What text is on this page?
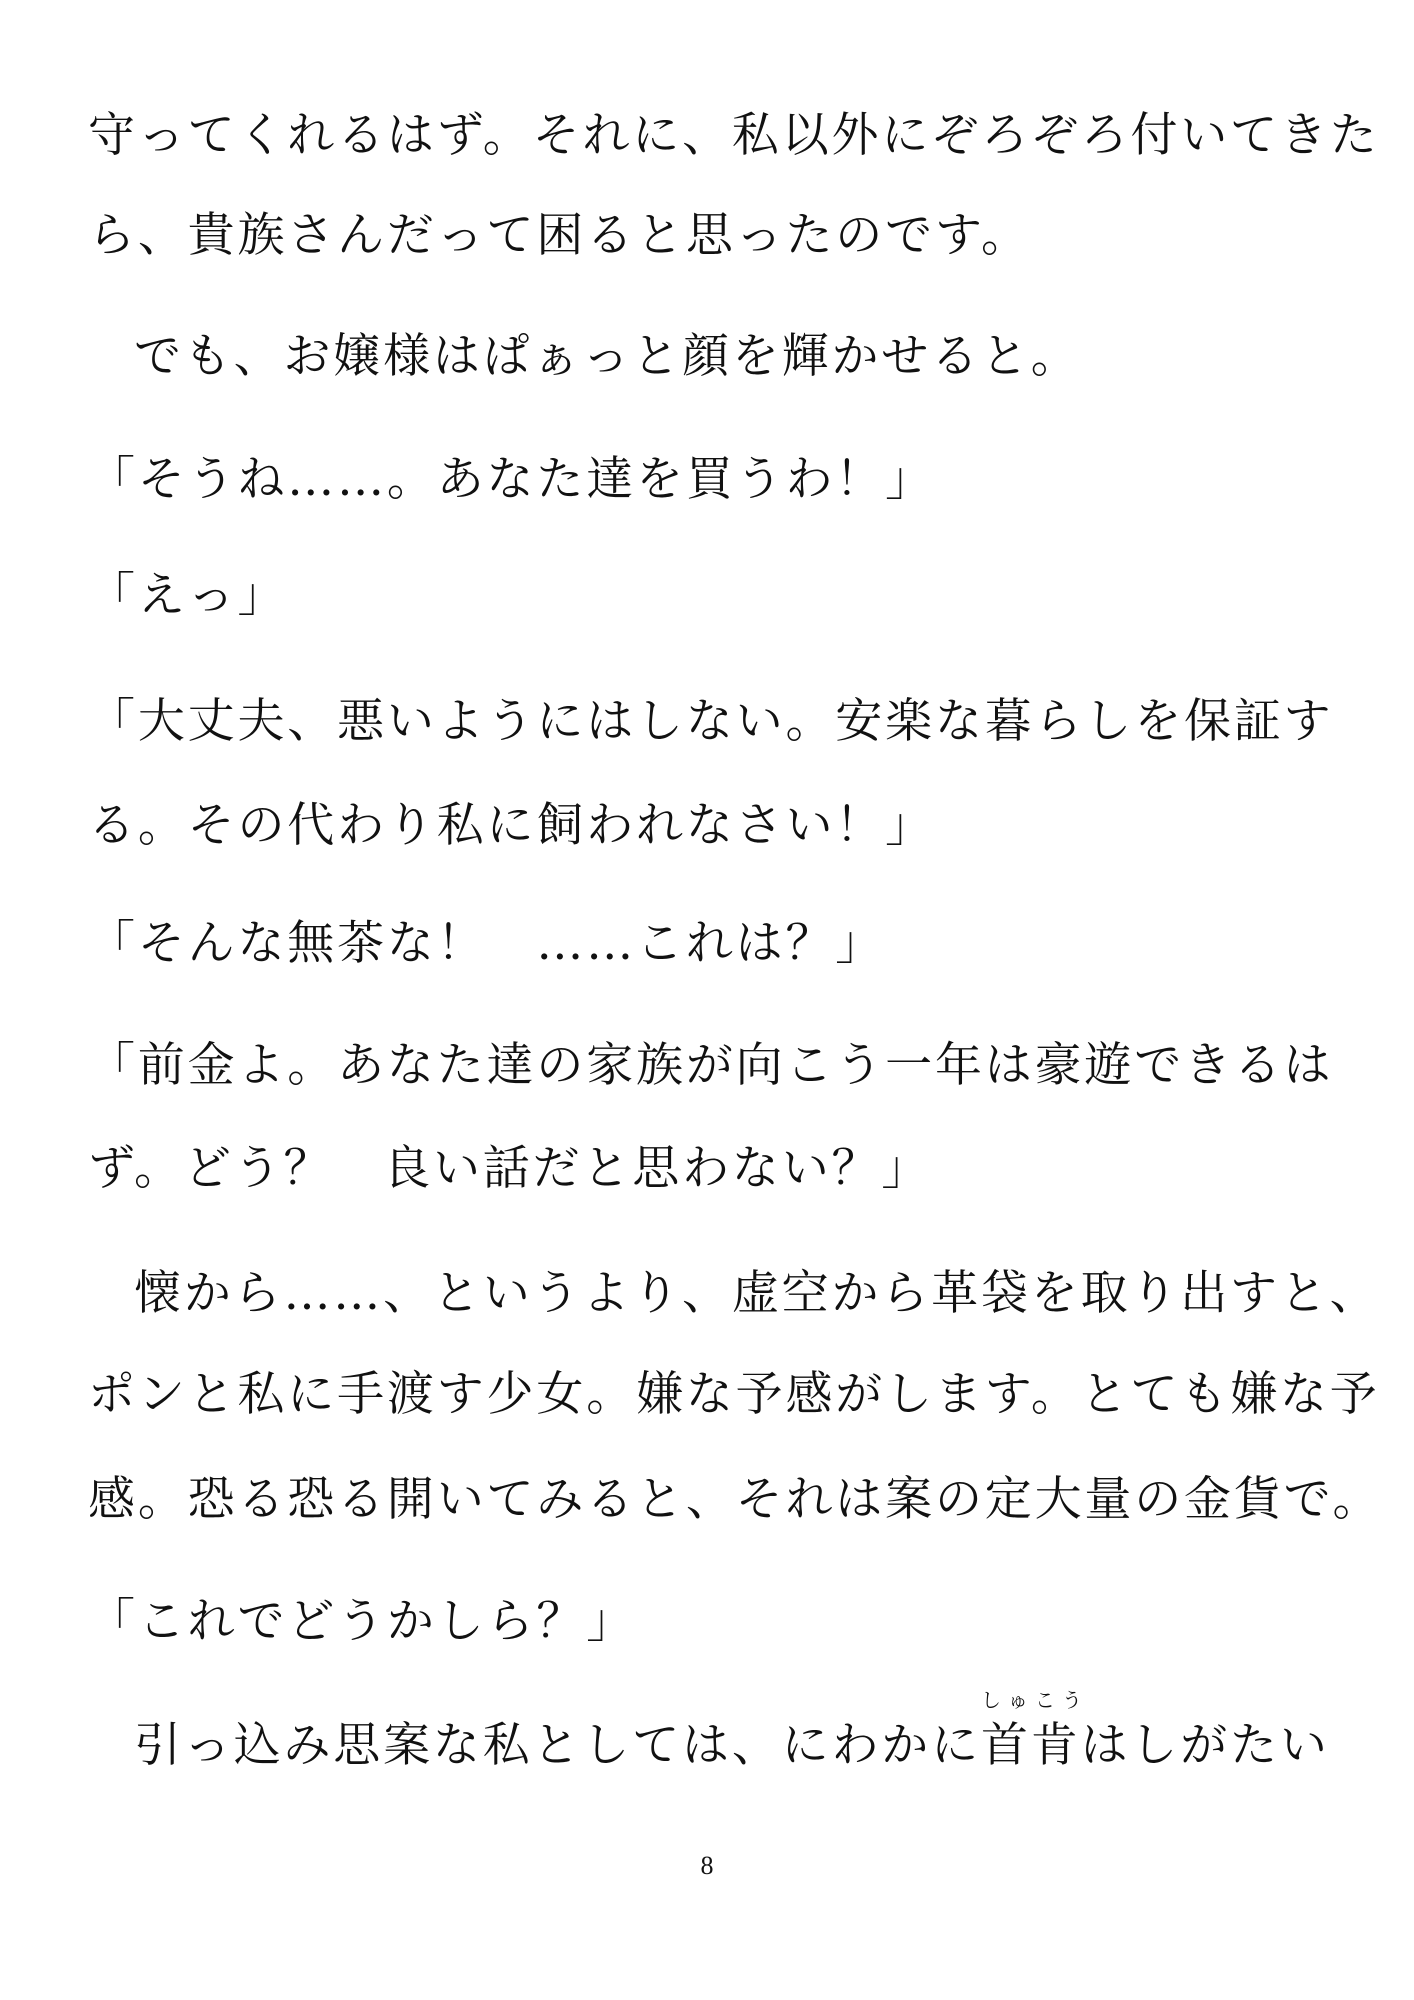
守ってくれるはず。それに、私以外にぞろぞろ付いてきた
ら、貴族さんだって困ると思ったのです。
でも、お嬢様はぱぁっと顔を輝かせると。
「そうね……。あなた達を買うわ！」
「えっ」
「大丈夫、悪いようにはしない。安楽な暮らしを保証す
る。その代わり私に飼われなさい！」
「そんな無茶な！　……これは？」
「前金よ。あなた達の家族が向こう一年は豪遊できるは
ず。どう？　良い話だと思わない？」
懐から……、というより、虚空から革袋を取り出すと、
ポンと私に手渡す少女。嫌な予感がします。とても嫌な予
感。恐る恐る開いてみると、それは案の定大量の金貨で。
「これでどうかしら？」
引っ込み思案な私としては、にわかに
しゅこう
首肯はしがたい
8
